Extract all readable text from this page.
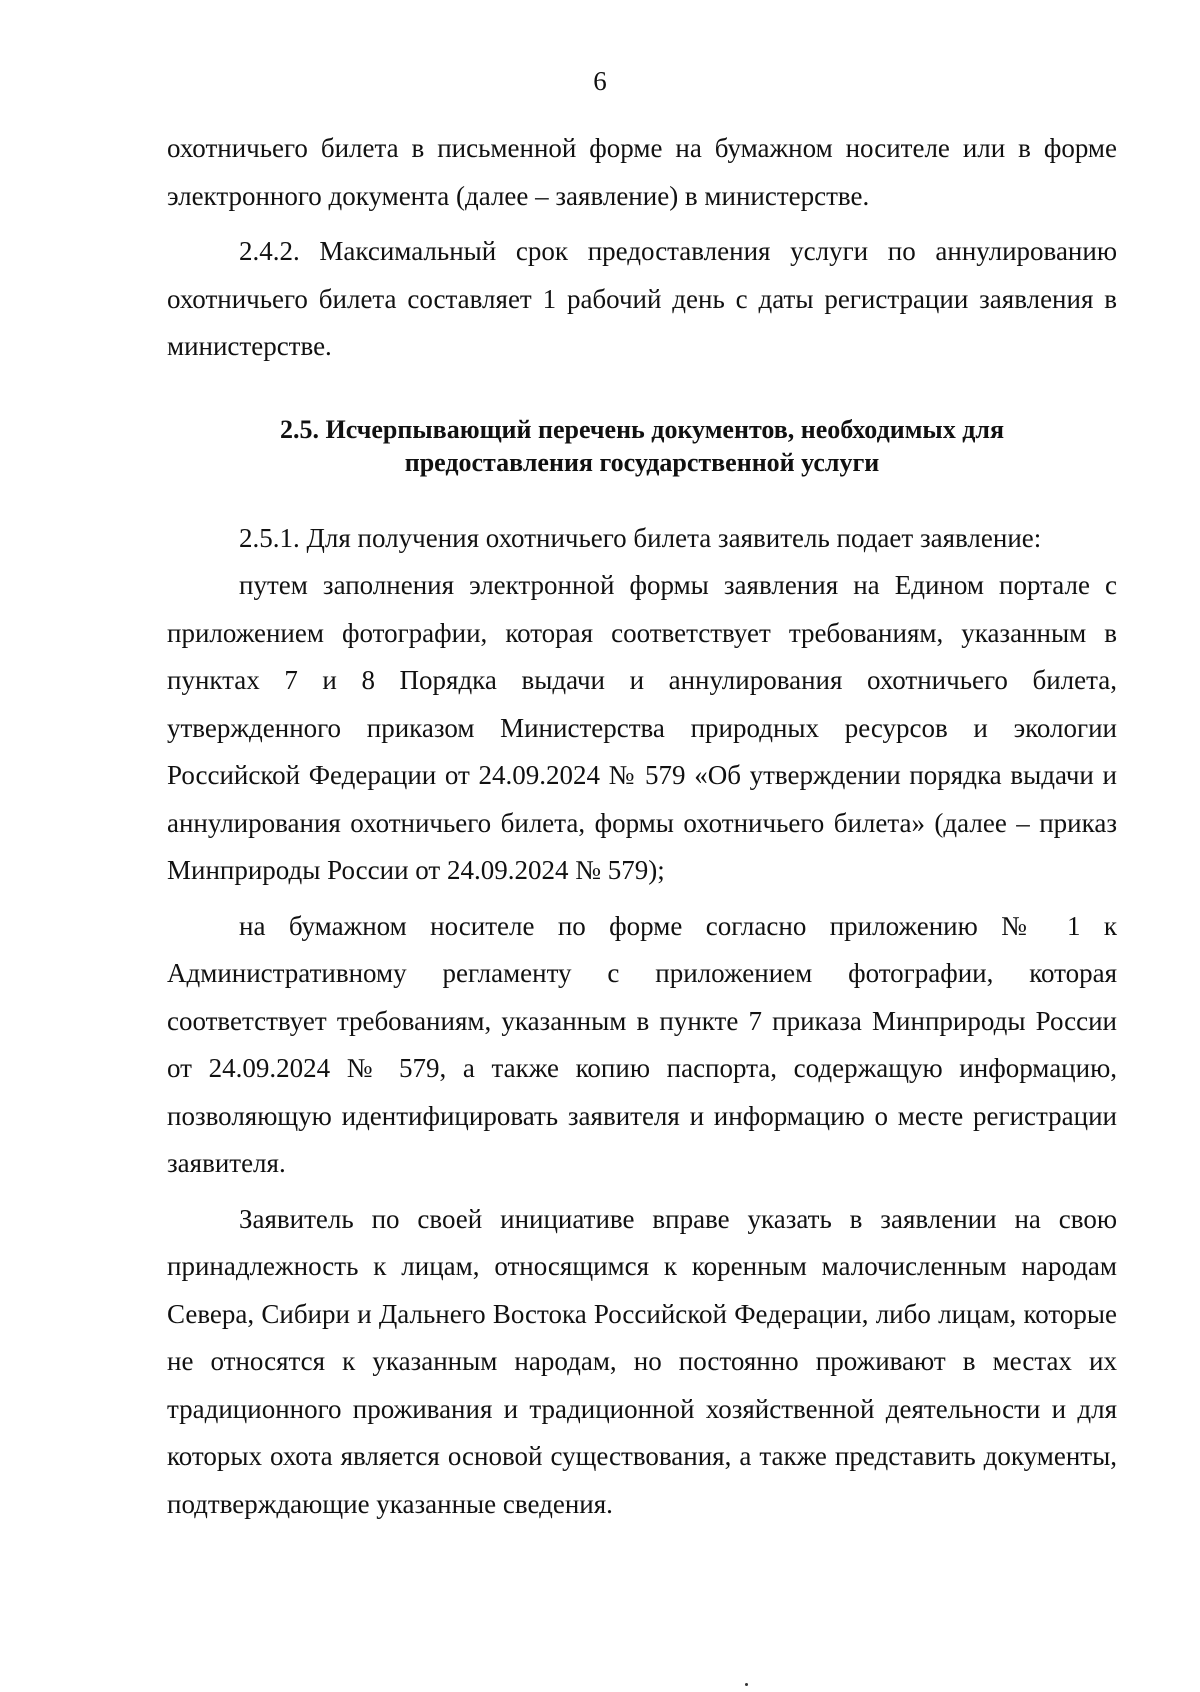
6

охотничьего билета в письменной форме на бумажном носителе или в форме электронного документа (далее – заявление) в министерстве.

2.4.2. Максимальный срок предоставления услуги по аннулированию охотничьего билета составляет 1 рабочий день с даты регистрации заявления в министерстве.

2.5. Исчерпывающий перечень документов, необходимых для предоставления государственной услуги

2.5.1. Для получения охотничьего билета заявитель подает заявление:

путем заполнения электронной формы заявления на Едином портале с приложением фотографии, которая соответствует требованиям, указанным в пунктах 7 и 8 Порядка выдачи и аннулирования охотничьего билета, утвержденного приказом Министерства природных ресурсов и экологии Российской Федерации от 24.09.2024 № 579 «Об утверждении порядка выдачи и аннулирования охотничьего билета, формы охотничьего билета» (далее – приказ Минприроды России от 24.09.2024 № 579);

на бумажном носителе по форме согласно приложению № 1 к Административному регламенту с приложением фотографии, которая соответствует требованиям, указанным в пункте 7 приказа Минприроды России от 24.09.2024 № 579, а также копию паспорта, содержащую информацию, позволяющую идентифицировать заявителя и информацию о месте регистрации заявителя.

Заявитель по своей инициативе вправе указать в заявлении на свою принадлежность к лицам, относящимся к коренным малочисленным народам Севера, Сибири и Дальнего Востока Российской Федерации, либо лицам, которые не относятся к указанным народам, но постоянно проживают в местах их традиционного проживания и традиционной хозяйственной деятельности и для которых охота является основой существования, а также представить документы, подтверждающие указанные сведения.
